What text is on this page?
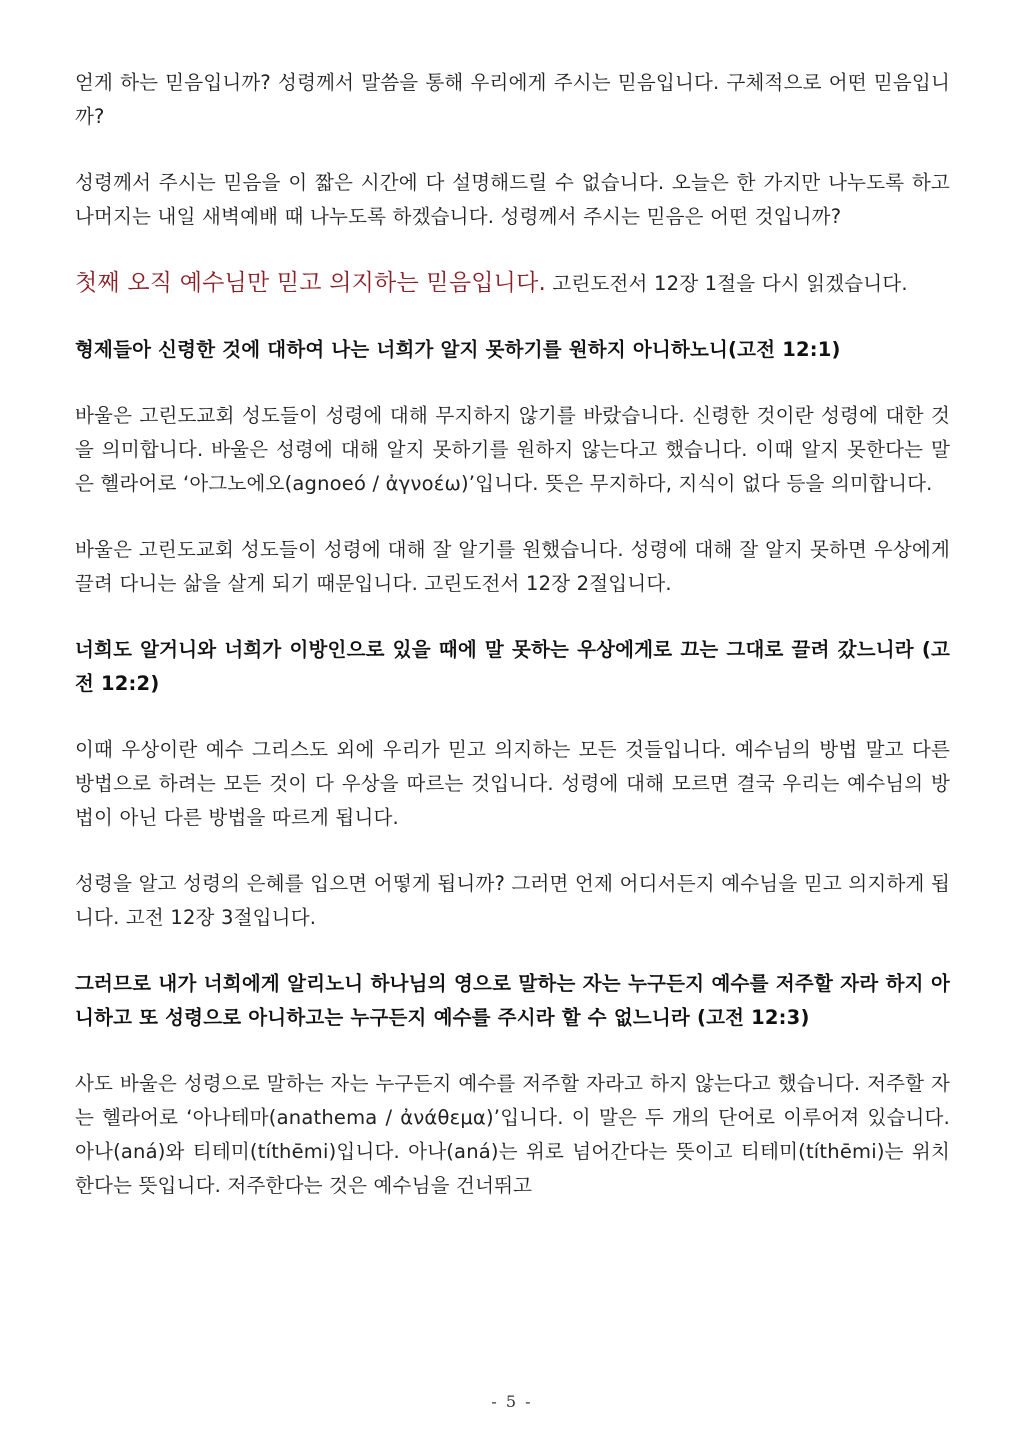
얻게 하는 믿음입니까? 성령께서 말씀을 통해 우리에게 주시는 믿음입니다. 구체적으로 어떤 믿음입니까?

성령께서 주시는 믿음을 이 짧은 시간에 다 설명해드릴 수 없습니다. 오늘은 한 가지만 나누도록 하고 나머지는 내일 새벽예배 때 나누도록 하겠습니다. 성령께서 주시는 믿음은 어떤 것입니까?

첫째 오직 예수님만 믿고 의지하는 믿음입니다. 고린도전서 12장 1절을 다시 읽겠습니다.

형제들아 신령한 것에 대하여 나는 너희가 알지 못하기를 원하지 아니하노니(고전 12:1)

바울은 고린도교회 성도들이 성령에 대해 무지하지 않기를 바랐습니다. 신령한 것이란 성령에 대한 것을 의미합니다. 바울은 성령에 대해 알지 못하기를 원하지 않는다고 했습니다. 이때 알지 못한다는 말은 헬라어로 ‘아그노에오(agnoeó / ἀγνοέω)’입니다. 뜻은 무지하다, 지식이 없다 등을 의미합니다.

바울은 고린도교회 성도들이 성령에 대해 잘 알기를 원했습니다. 성령에 대해 잘 알지 못하면 우상에게 끌려 다니는 삶을 살게 되기 때문입니다. 고린도전서 12장 2절입니다.

너희도 알거니와 너희가 이방인으로 있을 때에 말 못하는 우상에게로 끄는 그대로 끌려 갔느니라 (고전 12:2)

이때 우상이란 예수 그리스도 외에 우리가 믿고 의지하는 모든 것들입니다. 예수님의 방법 말고 다른 방법으로 하려는 모든 것이 다 우상을 따르는 것입니다. 성령에 대해 모르면 결국 우리는 예수님의 방법이 아닌 다른 방법을 따르게 됩니다.

성령을 알고 성령의 은혜를 입으면 어떻게 됩니까? 그러면 언제 어디서든지 예수님을 믿고 의지하게 됩니다. 고전 12장 3절입니다.

그러므로 내가 너희에게 알리노니 하나님의 영으로 말하는 자는 누구든지 예수를 저주할 자라 하지 아니하고 또 성령으로 아니하고는 누구든지 예수를 주시라 할 수 없느니라 (고전 12:3)

사도 바울은 성령으로 말하는 자는 누구든지 예수를 저주할 자라고 하지 않는다고 했습니다. 저주할 자는 헬라어로 ‘아나테마(anathema / ἀνάθεμα)’입니다. 이 말은 두 개의 단어로 이루어져 있습니다. 아나(aná)와 티테미(títhēmi)입니다. 아나(aná)는 위로 넘어간다는 뜻이고 티테미(títhēmi)는 위치한다는 뜻입니다. 저주한다는 것은 예수님을 건너뛰고

- 5 -
